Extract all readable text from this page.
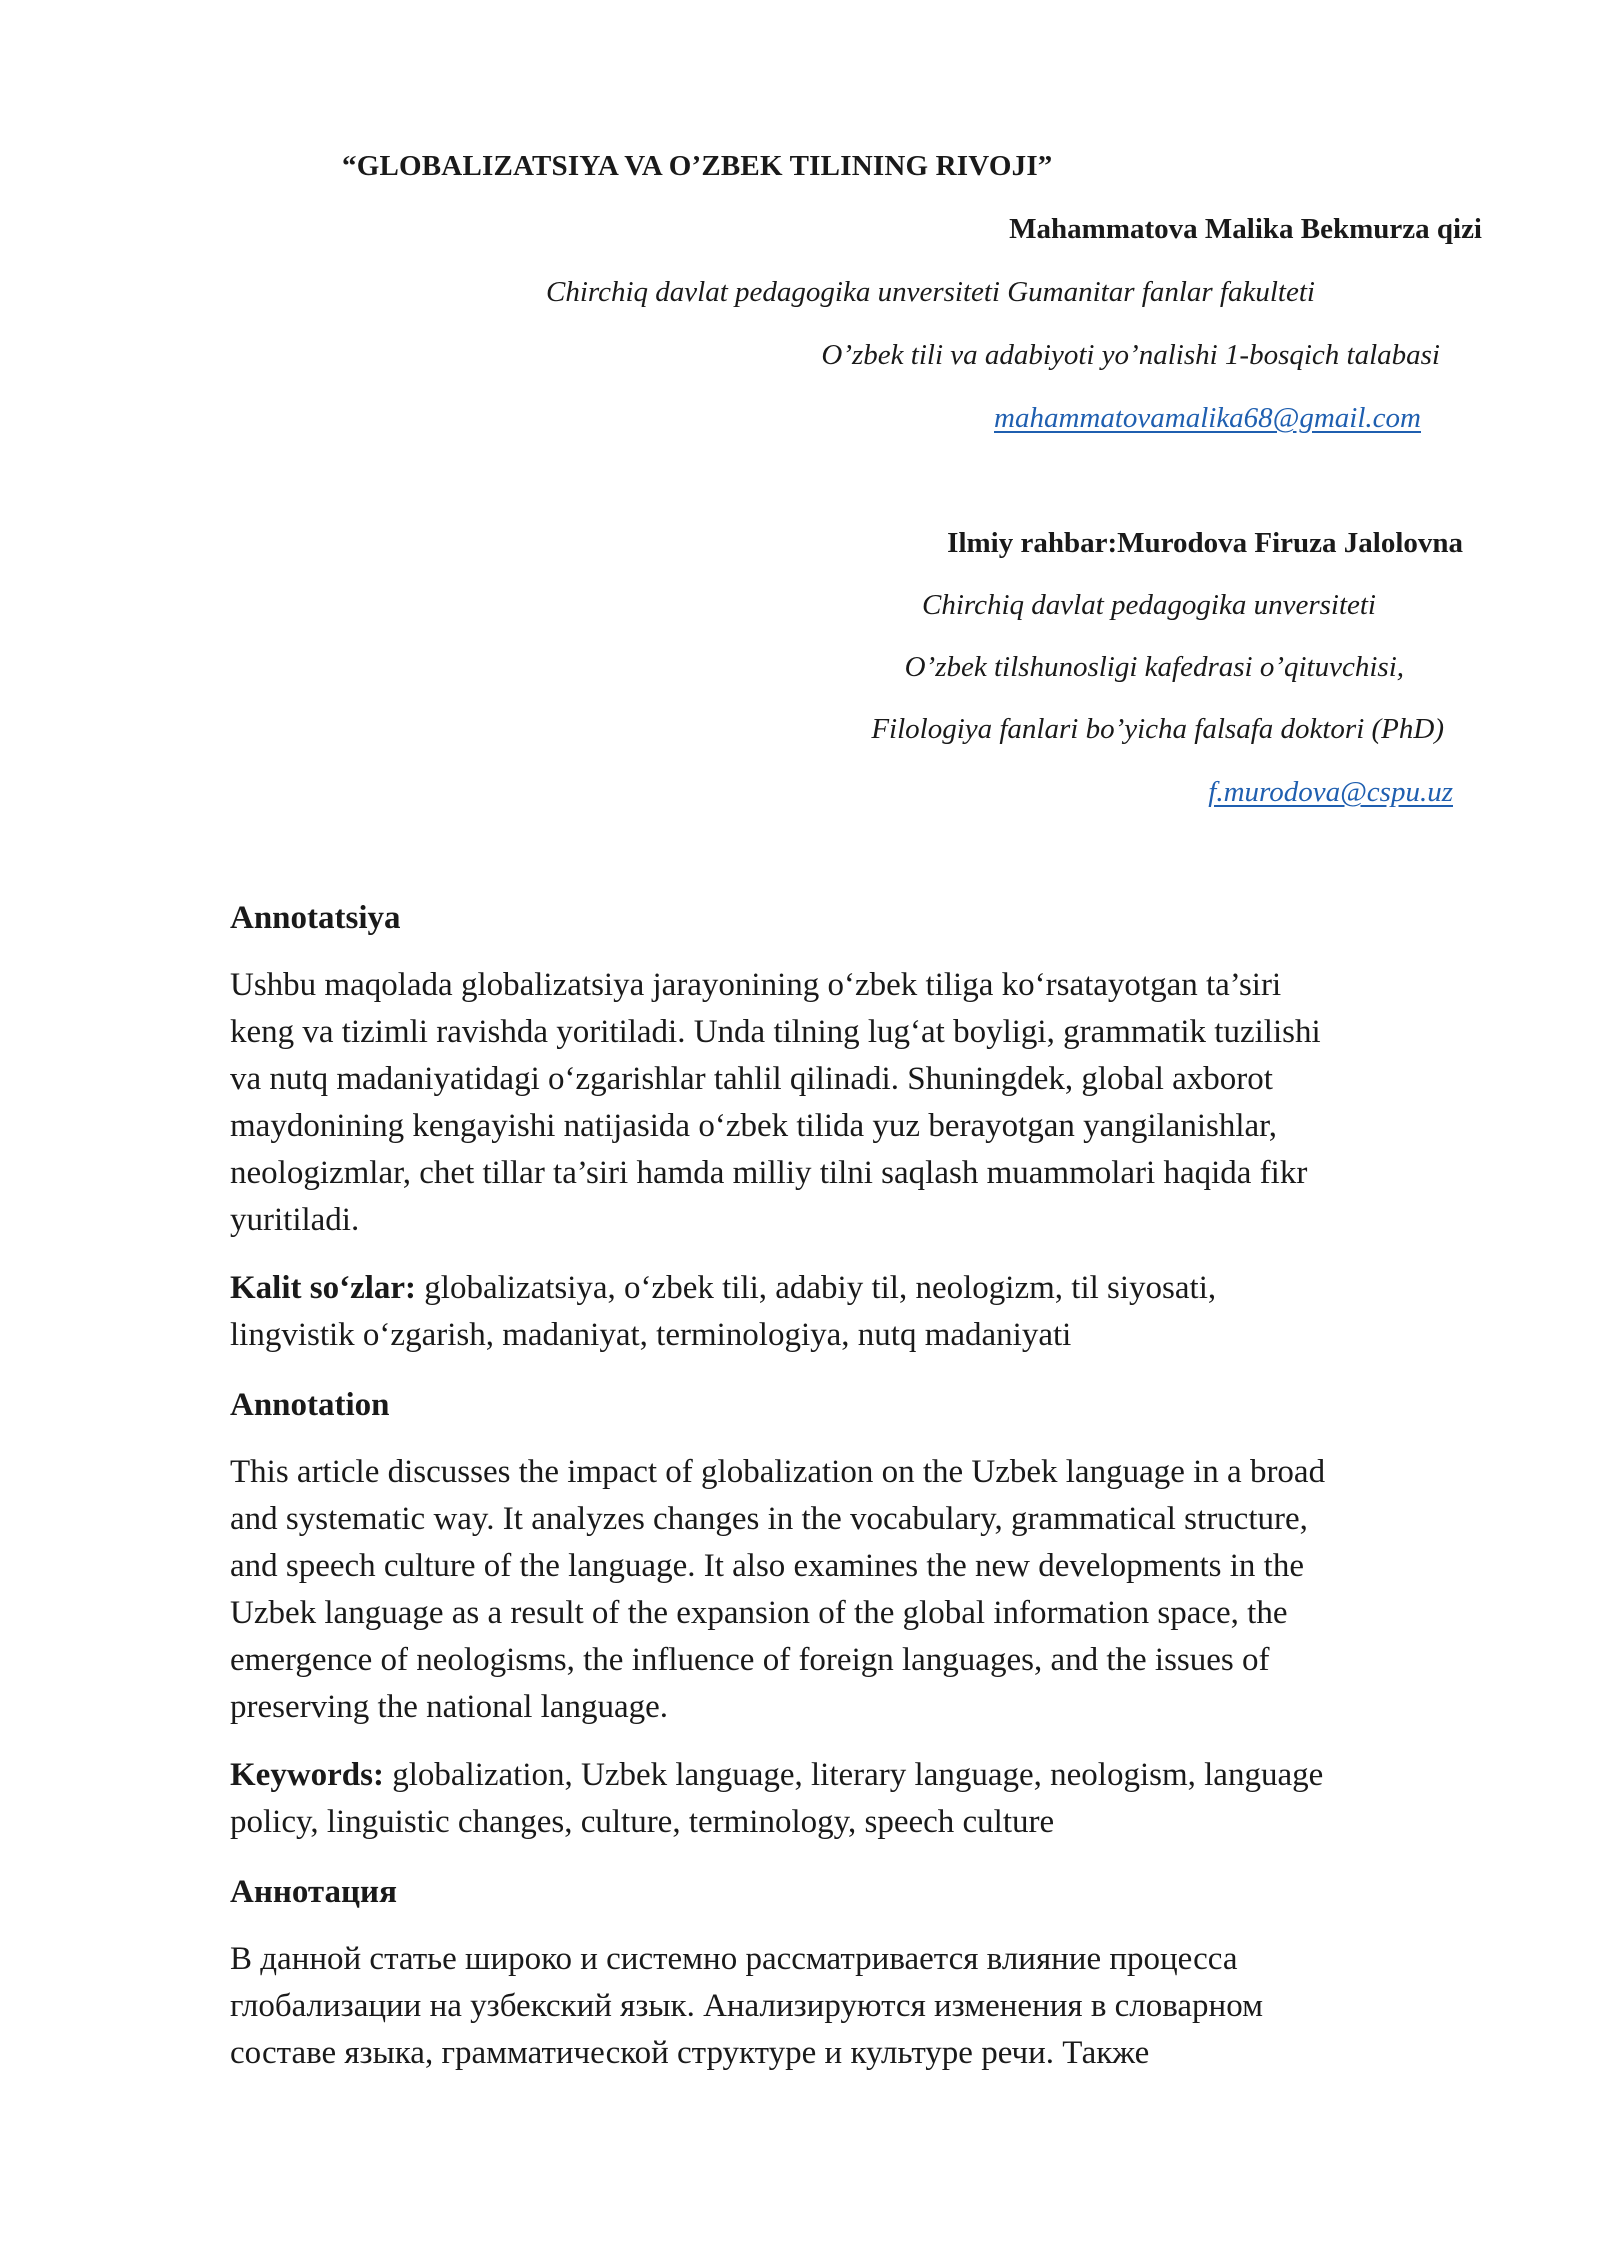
“GLOBALIZATSIYA VA O’ZBEK TILINING RIVOJI”
Mahammatova Malika Bekmurza qizi
Chirchiq davlat pedagogika unversiteti Gumanitar fanlar fakulteti
O’zbek tili va adabiyoti yo’nalishi 1-bosqich talabasi
mahammatovamalika68@gmail.com
Ilmiy rahbar:Murodova Firuza Jalolovna
Chirchiq davlat pedagogika unversiteti
O’zbek tilshunosligi kafedrasi o’qituvchisi,
Filologiya fanlari bo’yicha falsafa doktori (PhD)
f.murodova@cspu.uz
Annotatsiya

Ushbu maqolada globalizatsiya jarayonining o‘zbek tiliga ko‘rsatayotgan ta’siri
keng va tizimli ravishda yoritiladi. Unda tilning lug‘at boyligi, grammatik tuzilishi
va nutq madaniyatidagi o‘zgarishlar tahlil qilinadi. Shuningdek, global axborot
maydonining kengayishi natijasida o‘zbek tilida yuz berayotgan yangilanishlar,
neologizmlar, chet tillar ta’siri hamda milliy tilni saqlash muammolari haqida fikr
yuritiladi.

Kalit so‘zlar: globalizatsiya, o‘zbek tili, adabiy til, neologizm, til siyosati,
lingvistik o‘zgarish, madaniyat, terminologiya, nutq madaniyati

Annotation

This article discusses the impact of globalization on the Uzbek language in a broad
and systematic way. It analyzes changes in the vocabulary, grammatical structure,
and speech culture of the language. It also examines the new developments in the
Uzbek language as a result of the expansion of the global information space, the
emergence of neologisms, the influence of foreign languages, and the issues of
preserving the national language.

Keywords: globalization, Uzbek language, literary language, neologism, language
policy, linguistic changes, culture, terminology, speech culture

Аннотация

В данной статье широко и системно рассматривается влияние процесса
глобализации на узбекский язык. Анализируются изменения в словарном
составе языка, грамматической структуре и культуре речи. Также
